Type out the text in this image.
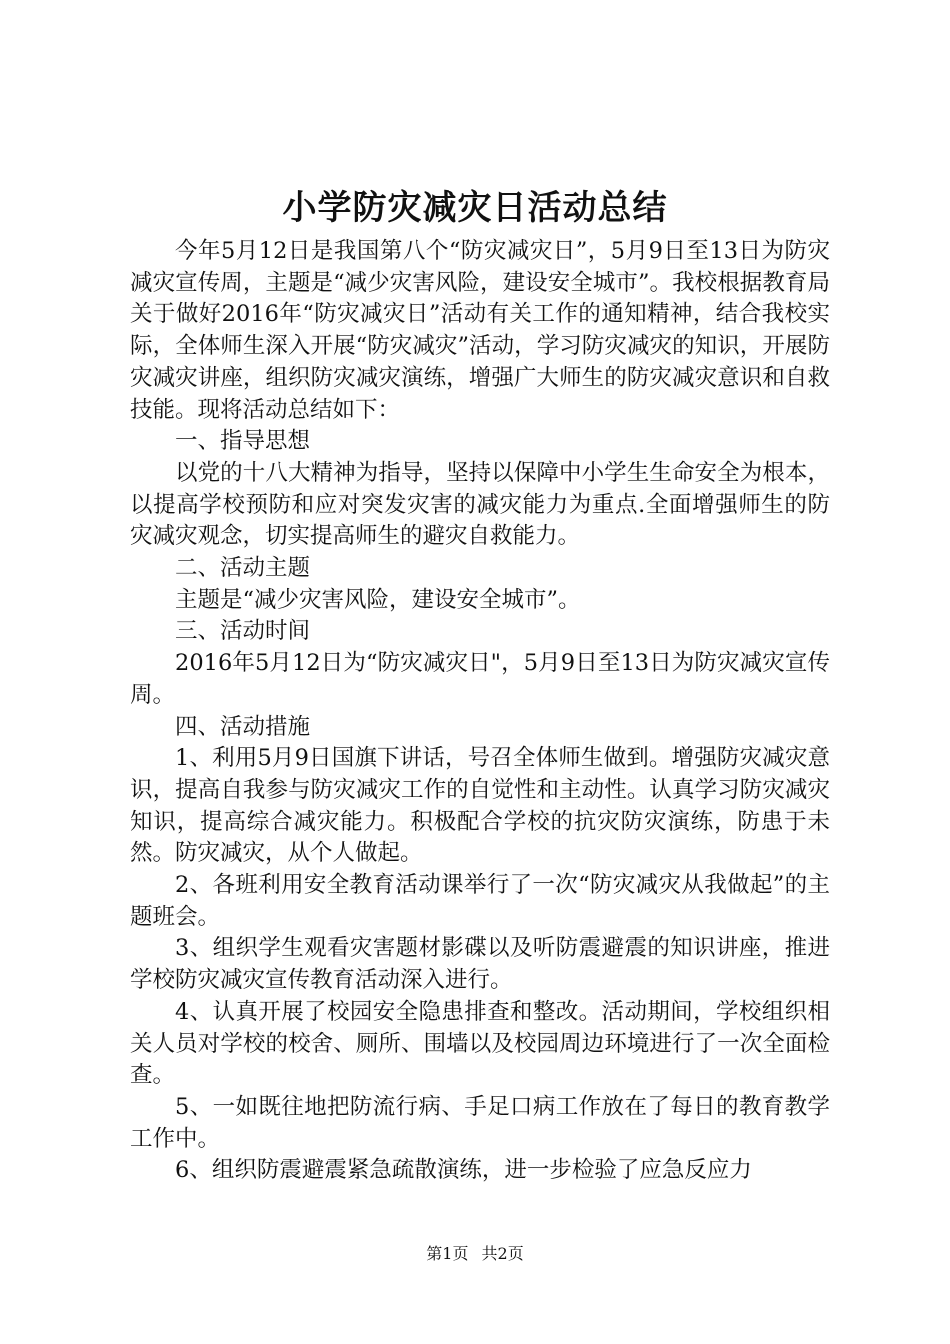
小学防灾减灾日活动总结

今年5月12日是我国第八个“防灾减灾日”，5月9日至13日为防灾减灾宣传周，主题是“减少灾害风险，建设安全城市”。我校根据教育局关于做好2016年“防灾减灾日”活动有关工作的通知精神，结合我校实际，全体师生深入开展“防灾减灾”活动，学习防灾减灾的知识，开展防灾减灾讲座，组织防灾减灾演练，增强广大师生的防灾减灾意识和自救技能。现将活动总结如下：

一、指导思想

以党的十八大精神为指导，坚持以保障中小学生生命安全为根本，以提高学校预防和应对突发灾害的减灾能力为重点.全面增强师生的防灾减灾观念，切实提高师生的避灾自救能力。

二、活动主题

主题是“减少灾害风险，建设安全城市”。

三、活动时间

2016年5月12日为“防灾减灾日"，5月9日至13日为防灾减灾宣传周。

四、活动措施

1、利用5月9日国旗下讲话，号召全体师生做到。增强防灾减灾意识，提高自我参与防灾减灾工作的自觉性和主动性。认真学习防灾减灾知识，提高综合减灾能力。积极配合学校的抗灾防灾演练，防患于未然。防灾减灾，从个人做起。

2、各班利用安全教育活动课举行了一次“防灾减灾从我做起”的主题班会。

3、组织学生观看灾害题材影碟以及听防震避震的知识讲座，推进学校防灾减灾宣传教育活动深入进行。

4、认真开展了校园安全隐患排查和整改。活动期间，学校组织相关人员对学校的校舍、厕所、围墙以及校园周边环境进行了一次全面检查。

5、一如既往地把防流行病、手足口病工作放在了每日的教育教学工作中。

6、组织防震避震紧急疏散演练，进一步检验了应急反应力

第1页 共2页
